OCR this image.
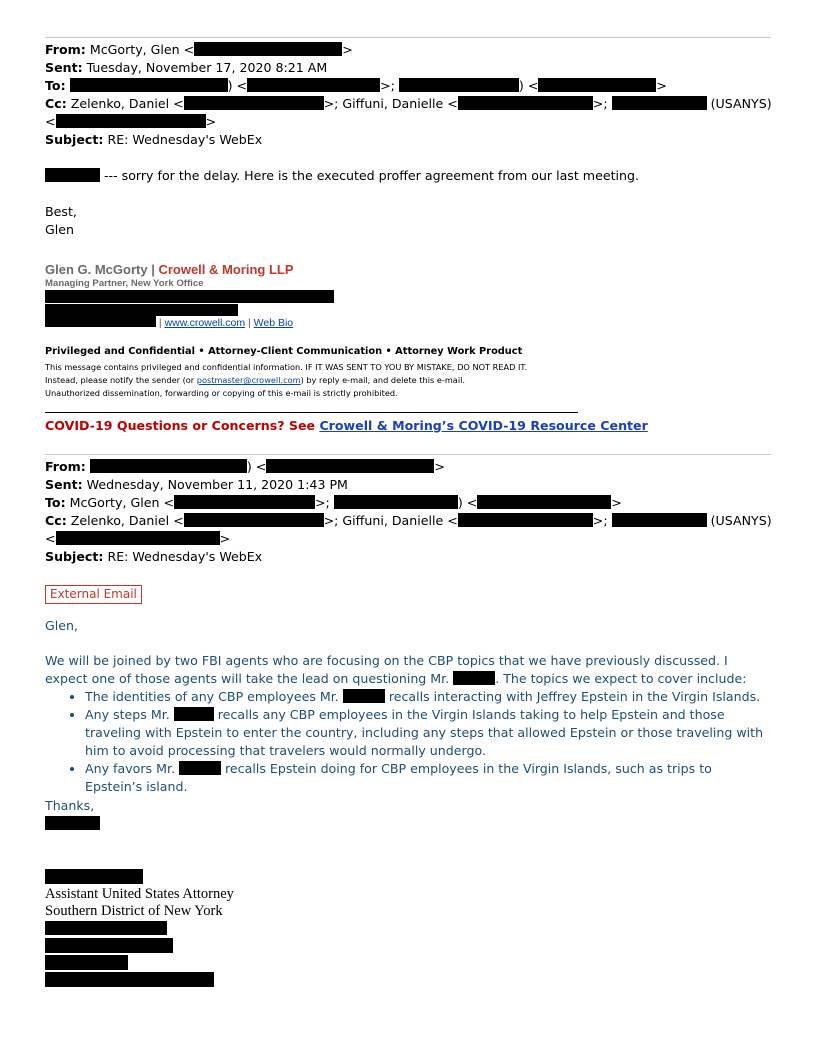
From: McGorty, Glen <	>
Sent: Tuesday, November 17, 2020 8:21 AM
To:	) <	>;	) <	>
Cc: Zelenko, Daniel <	>; Giffuni, Danielle <	>;	(USANYS)
<	>
Subject: RE: Wednesday's WebEx
--- sorry for the delay. Here is the executed proffer agreement from our last meeting.
Best,
Glen
Glen G. McGorty | Crowell & Moring LLP
Managing Partner, New York Office
| www.crowell.com | Web Bio
Privileged and Confidential • Attorney-Client Communication • Attorney Work Product
This message contains privileged and confidential information. IF IT WAS SENT TO YOU BY MISTAKE, DO NOT READ IT.
Instead, please notify the sender (or postmaster@crowell.com) by reply e-mail, and delete this e-mail.
Unauthorized dissemination, forwarding or copying of this e-mail is strictly prohibited.
COVID-19 Questions or Concerns? See Crowell & Moring’s COVID-19 Resource Center
From:	) <	>
Sent: Wednesday, November 11, 2020 1:43 PM
To: McGorty, Glen <	>;	) <	>
Cc: Zelenko, Daniel <	>; Giffuni, Danielle <	>;	(USANYS)
<	>
Subject: RE: Wednesday's WebEx
External Email
Glen,
We will be joined by two FBI agents who are focusing on the CBP topics that we have previously discussed. I expect one of those agents will take the lead on questioning Mr.	. The topics we expect to cover include:
• The identities of any CBP employees Mr.	recalls interacting with Jeffrey Epstein in the Virgin Islands.
• Any steps Mr.	recalls any CBP employees in the Virgin Islands taking to help Epstein and those traveling with Epstein to enter the country, including any steps that allowed Epstein or those traveling with him to avoid processing that travelers would normally undergo.
• Any favors Mr.	recalls Epstein doing for CBP employees in the Virgin Islands, such as trips to Epstein’s island.
Thanks,
Assistant United States Attorney
Southern District of New York
